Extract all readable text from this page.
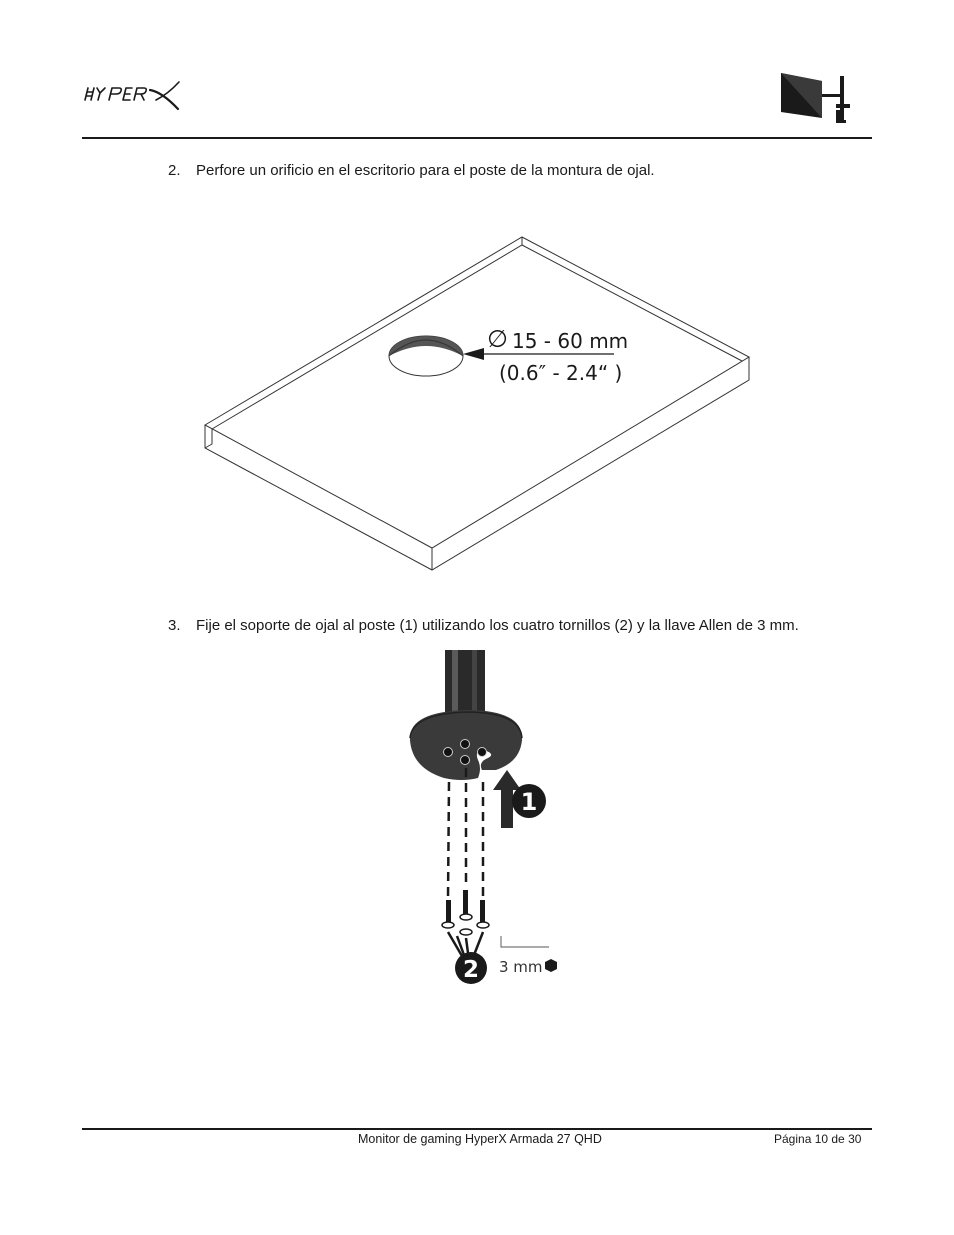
2. Perfore un orificio en el escritorio para el poste de la montura de ojal.
∅ 15 - 60 mm
(0.6″ - 2.4“ )
3. Fije el soporte de ojal al poste (1) utilizando los cuatro tornillos (2) y la llave Allen de 3 mm.
1
2 3 mm
Monitor de gaming HyperX Armada 27 QHD	Página 10 de 30
